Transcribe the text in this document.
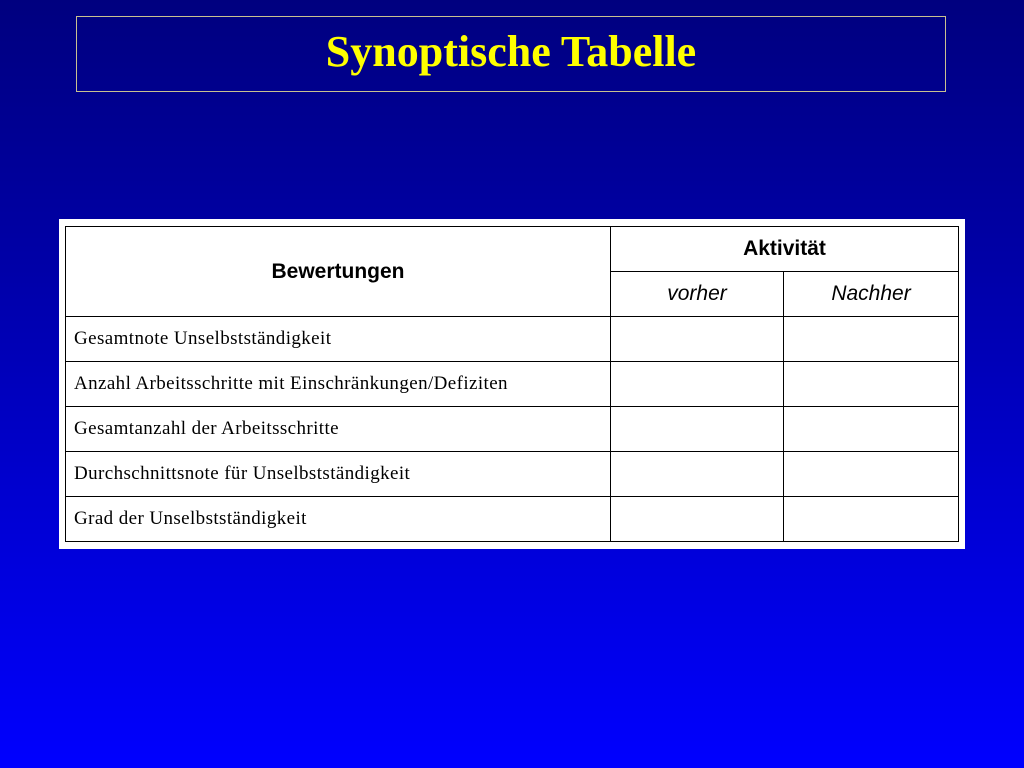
Synoptische Tabelle
Bewertungen	Aktivität	
	vorher	Nachher
Gesamtnote Unselbstständigkeit		
Anzahl Arbeitsschritte mit Einschränkungen/Defiziten		
Gesamtanzahl der Arbeitsschritte		
Durchschnittsnote für Unselbstständigkeit		
Grad der Unselbstständigkeit		
